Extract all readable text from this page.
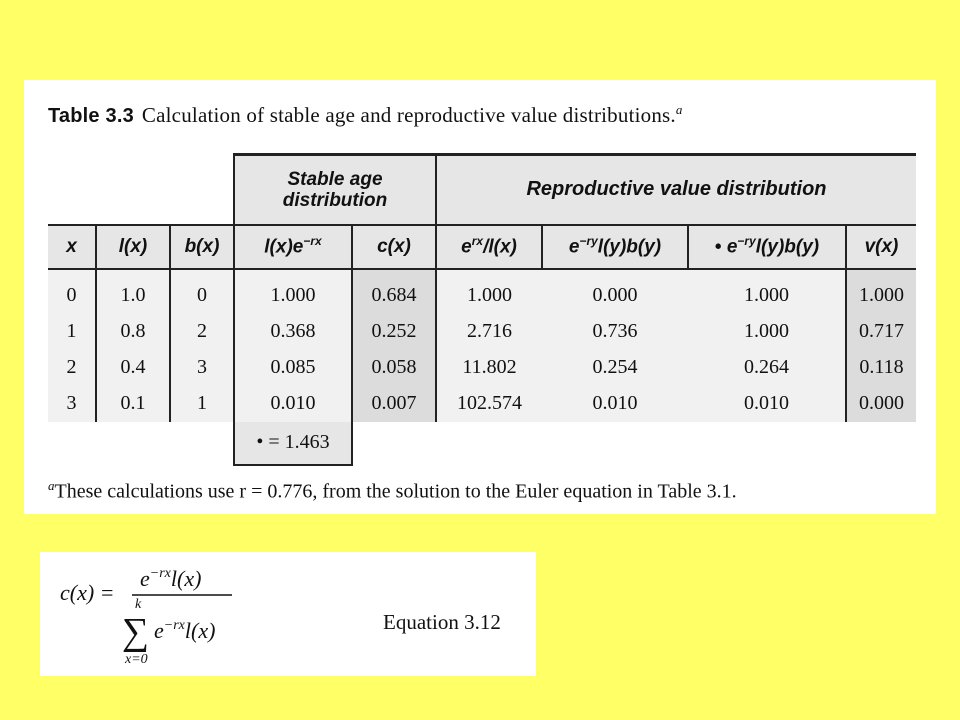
Table 3.3 Calculation of stable age and reproductive value distributions.$^a$

			Stable age
distribution		Reproductive value distribution			
x	l(x)	b(x)	$l(x)e^{-rx}$	c(x)	$e^{rx}/l(x)$	$e^{-ry}l(y)b(y)$	• $e^{-ry}l(y)b(y)$	v(x)
0	1.0	0	1.000	0.684	1.000	0.000	1.000	1.000
1	0.8	2	0.368	0.252	2.716	0.736	1.000	0.717
2	0.4	3	0.085	0.058	11.802	0.254	0.264	0.118
3	0.1	1	0.010	0.007	102.574	0.010	0.010	0.000
			• = 1.463					
$^a$These calculations use r = 0.776, from the solution to the Euler equation in Table 3.1.
c(x) =
$e^{-rx}l(x)$
k
∑
x=0
$e^{-rx}l(x)$	Equation 3.12
